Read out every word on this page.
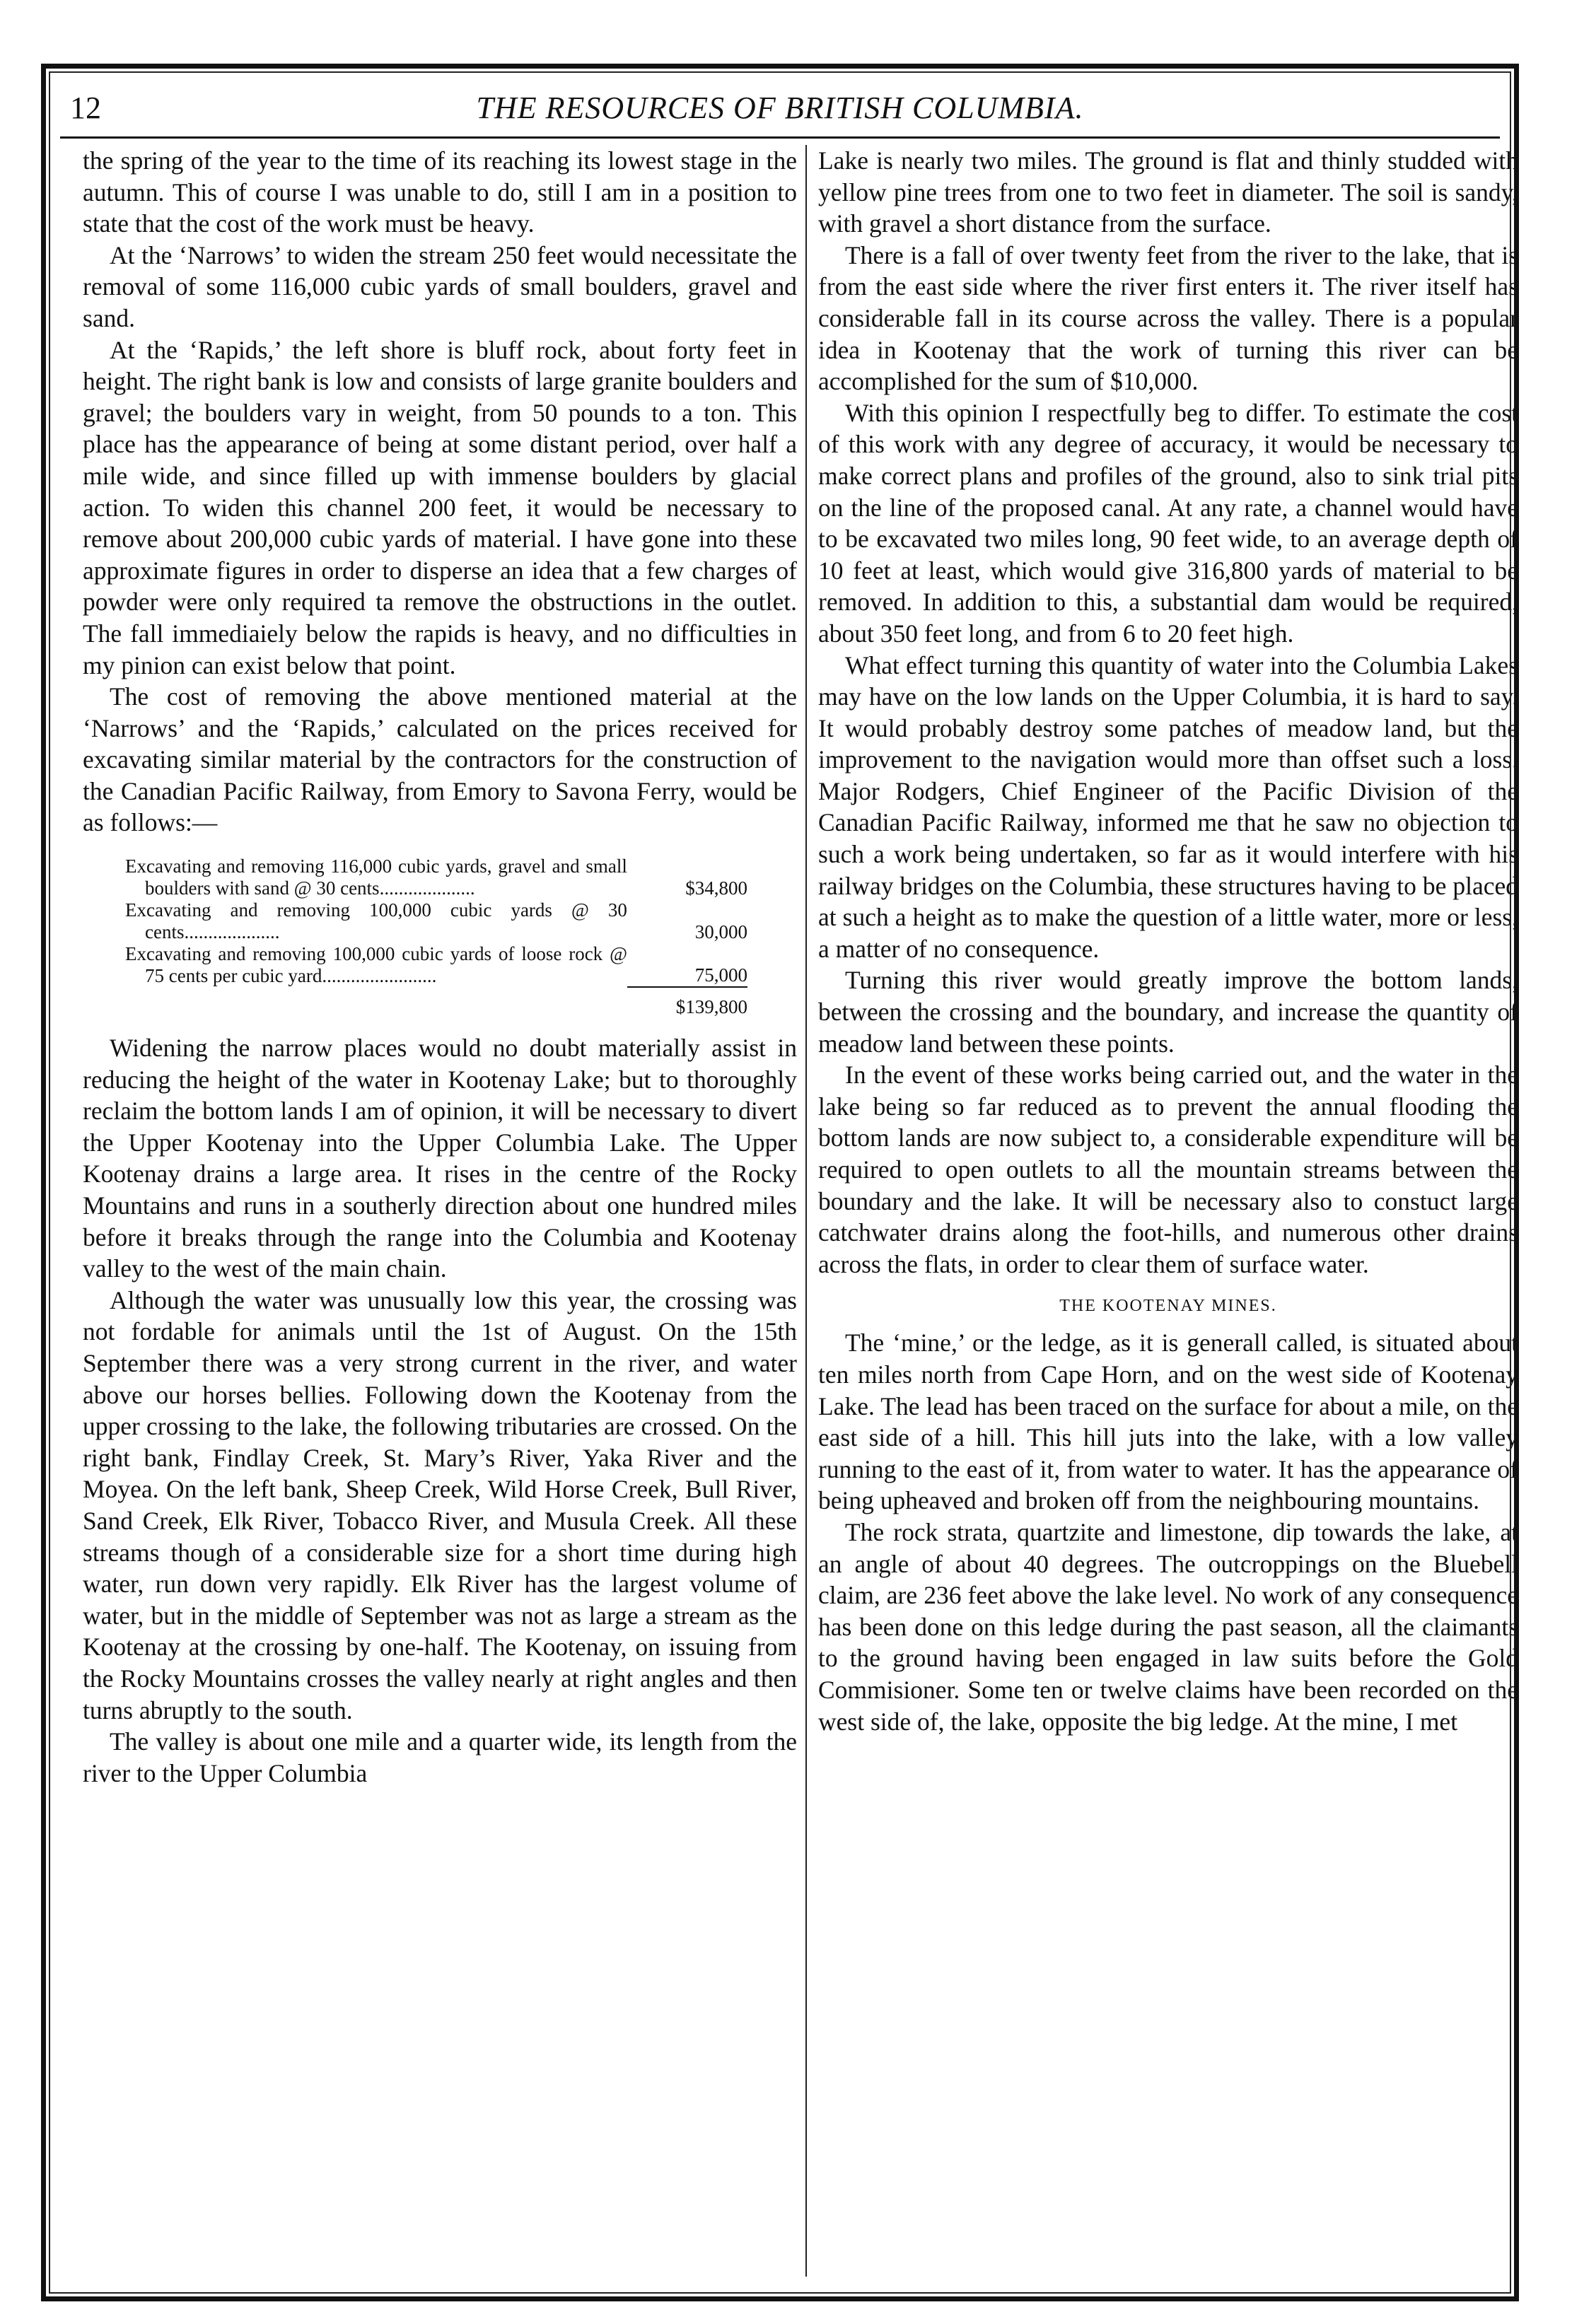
12	THE RESOURCES OF BRITISH COLUMBIA.

the spring of the year to the time of its reaching its lowest stage in the autumn. This of course I was unable to do, still I am in a position to state that the cost of the work must be heavy.

At the ‘Narrows’ to widen the stream 250 feet would necessitate the removal of some 116,000 cubic yards of small boulders, gravel and sand.

At the ‘Rapids,’ the left shore is bluff rock, about forty feet in height. The right bank is low and consists of large granite boulders and gravel; the boulders vary in weight, from 50 pounds to a ton. This place has the appearance of being at some distant period, over half a mile wide, and since filled up with immense boulders by glacial action. To widen this channel 200 feet, it would be necessary to remove about 200,000 cubic yards of material. I have gone into these approximate figures in order to disperse an idea that a few charges of powder were only required ta remove the obstructions in the outlet. The fall immediaiely below the rapids is heavy, and no difficulties in my pinion can exist below that point.

The cost of removing the above mentioned material at the ‘Narrows’ and the ‘Rapids,’ calculated on the prices received for excavating similar material by the contractors for the construction of the Canadian Pacific Railway, from Emory to Savona Ferry, would be as follows:—

Excavating and removing 116,000 cubic yards, gravel and small boulders with sand @ 30 cents....................	$34,800
Excavating and removing 100,000 cubic yards @ 30 cents....................	30,000
Excavating and removing 100,000 cubic yards of loose rock @ 75 cents per cubic yard........................	75,000
	$139,800

Widening the narrow places would no doubt materially assist in reducing the height of the water in Kootenay Lake; but to thoroughly reclaim the bottom lands I am of opinion, it will be necessary to divert the Upper Kootenay into the Upper Columbia Lake. The Upper Kootenay drains a large area. It rises in the centre of the Rocky Mountains and runs in a southerly direction about one hundred miles before it breaks through the range into the Columbia and Kootenay valley to the west of the main chain.

Although the water was unusually low this year, the crossing was not fordable for animals until the 1st of August. On the 15th September there was a very strong current in the river, and water above our horses bellies. Following down the Kootenay from the upper crossing to the lake, the following tributaries are crossed. On the right bank, Findlay Creek, St. Mary’s River, Yaka River and the Moyea. On the left bank, Sheep Creek, Wild Horse Creek, Bull River, Sand Creek, Elk River, Tobacco River, and Musula Creek. All these streams though of a considerable size for a short time during high water, run down very rapidly. Elk River has the largest volume of water, but in the middle of September was not as large a stream as the Kootenay at the crossing by one-half. The Kootenay, on issuing from the Rocky Mountains crosses the valley nearly at right angles and then turns abruptly to the south.

The valley is about one mile and a quarter wide, its length from the river to the Upper Columbia

Lake is nearly two miles. The ground is flat and thinly studded with yellow pine trees from one to two feet in diameter. The soil is sandy, with gravel a short distance from the surface.

There is a fall of over twenty feet from the river to the lake, that is from the east side where the river first enters it. The river itself has considerable fall in its course across the valley. There is a popular idea in Kootenay that the work of turning this river can be accomplished for the sum of $10,000.

With this opinion I respectfully beg to differ. To estimate the cost of this work with any degree of accuracy, it would be necessary to make correct plans and profiles of the ground, also to sink trial pits on the line of the proposed canal. At any rate, a channel would have to be excavated two miles long, 90 feet wide, to an average depth of 10 feet at least, which would give 316,800 yards of material to be removed. In addition to this, a substantial dam would be required, about 350 feet long, and from 6 to 20 feet high.

What effect turning this quantity of water into the Columbia Lakes may have on the low lands on the Upper Columbia, it is hard to say. It would probably destroy some patches of meadow land, but the improvement to the navigation would more than offset such a loss. Major Rodgers, Chief Engineer of the Pacific Division of the Canadian Pacific Railway, informed me that he saw no objection to such a work being undertaken, so far as it would interfere with his railway bridges on the Columbia, these structures having to be placed at such a height as to make the question of a little water, more or less, a matter of no consequence.

Turning this river would greatly improve the bottom lands, between the crossing and the boundary, and increase the quantity of meadow land between these points.

In the event of these works being carried out, and the water in the lake being so far reduced as to prevent the annual flooding the bottom lands are now subject to, a considerable expenditure will be required to open outlets to all the mountain streams between the boundary and the lake. It will be necessary also to constuct large catchwater drains along the foot-hills, and numerous other drains across the flats, in order to clear them of surface water.

THE KOOTENAY MINES.

The ‘mine,’ or the ledge, as it is generall called, is situated about ten miles north from Cape Horn, and on the west side of Kootenay Lake. The lead has been traced on the surface for about a mile, on the east side of a hill. This hill juts into the lake, with a low valley running to the east of it, from water to water. It has the appearance of being upheaved and broken off from the neighbouring mountains.

The rock strata, quartzite and limestone, dip towards the lake, at an angle of about 40 degrees. The outcroppings on the Bluebell claim, are 236 feet above the lake level. No work of any consequence has been done on this ledge during the past season, all the claimants to the ground having been engaged in law suits before the Gold Commisioner. Some ten or twelve claims have been recorded on the west side of, the lake, opposite the big ledge. At the mine, I met
